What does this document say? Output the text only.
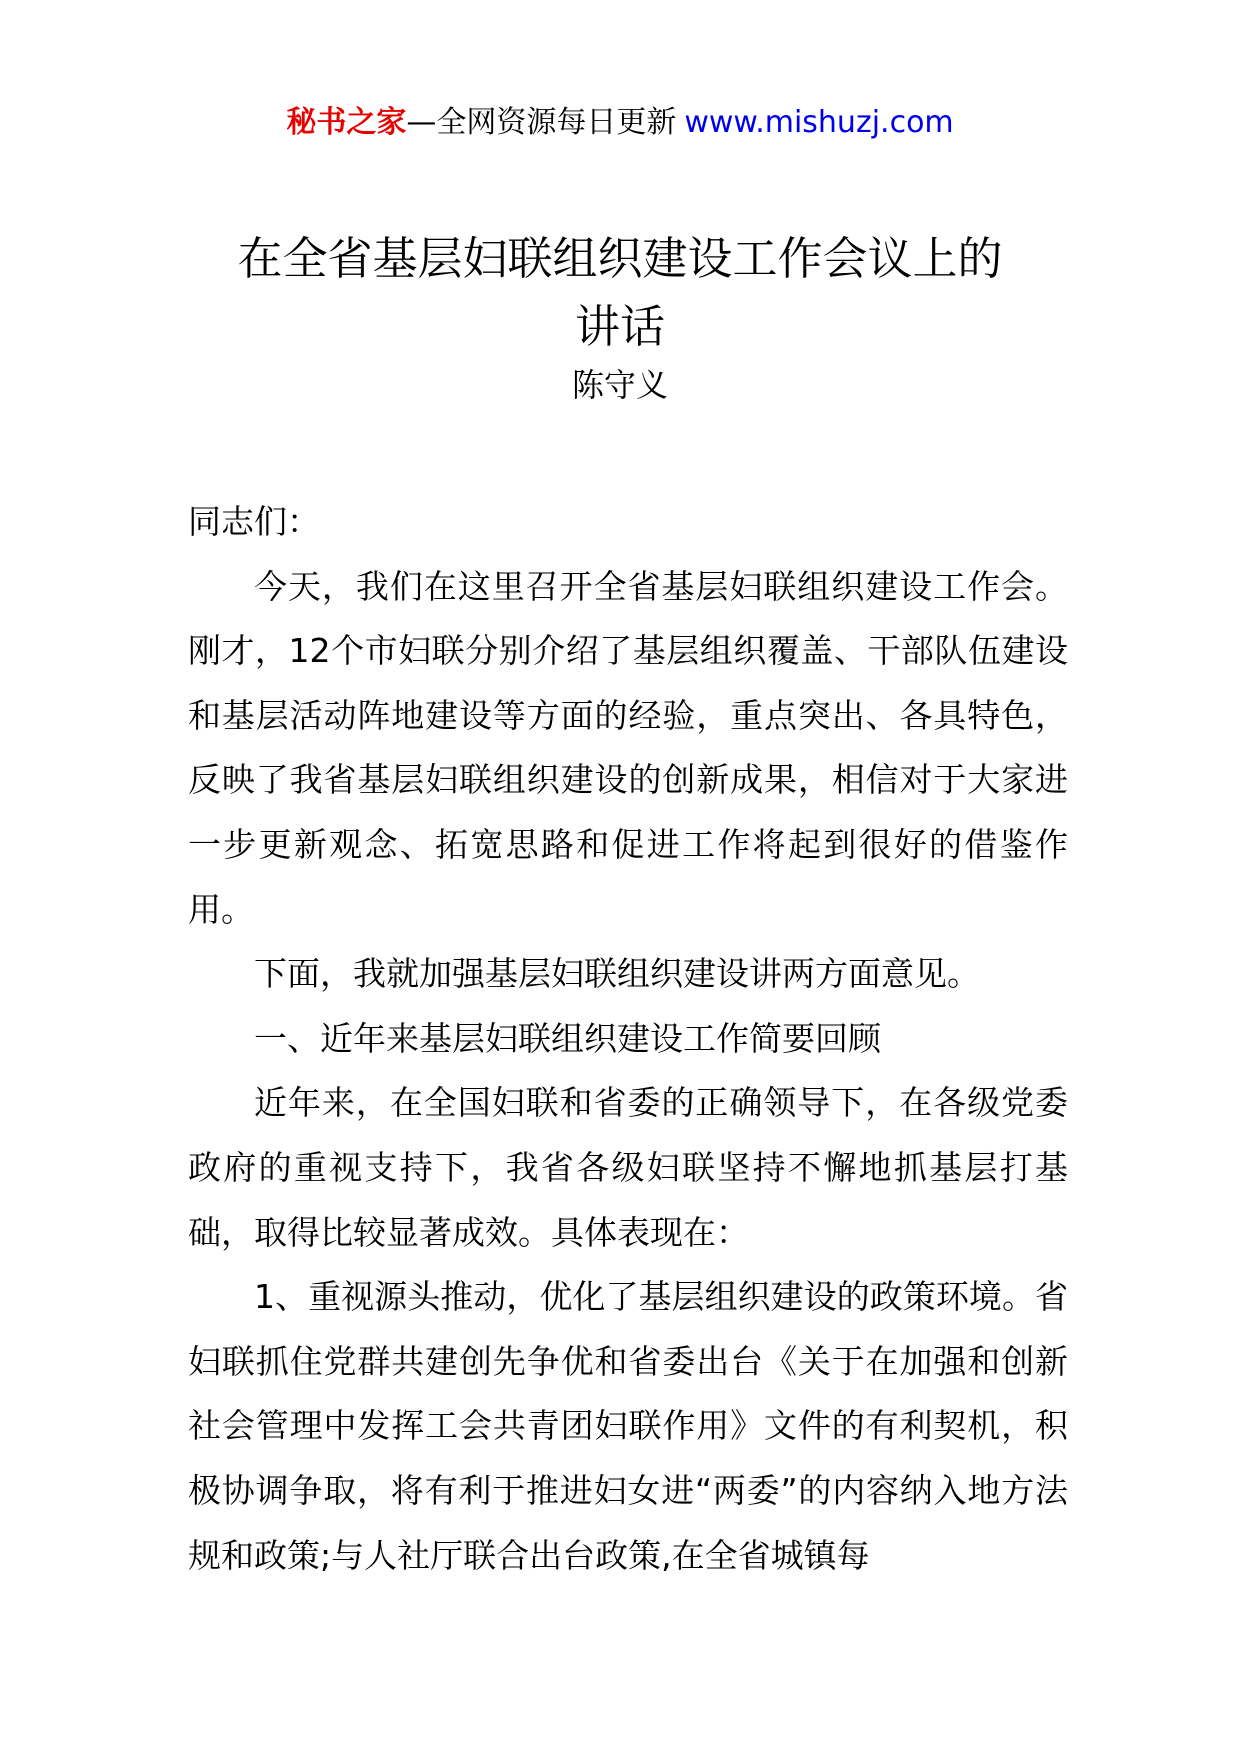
秘书之家—全网资源每日更新 www.mishuzj.com
在全省基层妇联组织建设工作会议上的
讲话
陈守义

同志们：

今天，我们在这里召开全省基层妇联组织建设工作会。刚才，12个市妇联分别介绍了基层组织覆盖、干部队伍建设和基层活动阵地建设等方面的经验，重点突出、各具特色，反映了我省基层妇联组织建设的创新成果，相信对于大家进一步更新观念、拓宽思路和促进工作将起到很好的借鉴作用。

下面，我就加强基层妇联组织建设讲两方面意见。

一、近年来基层妇联组织建设工作简要回顾

近年来，在全国妇联和省委的正确领导下，在各级党委政府的重视支持下，我省各级妇联坚持不懈地抓基层打基础，取得比较显著成效。具体表现在：

1、重视源头推动，优化了基层组织建设的政策环境。省妇联抓住党群共建创先争优和省委出台《关于在加强和创新社会管理中发挥工会共青团妇联作用》文件的有利契机，积极协调争取，将有利于推进妇女进“两委”的内容纳入地方法规和政策;与人社厅联合出台政策,在全省城镇每
